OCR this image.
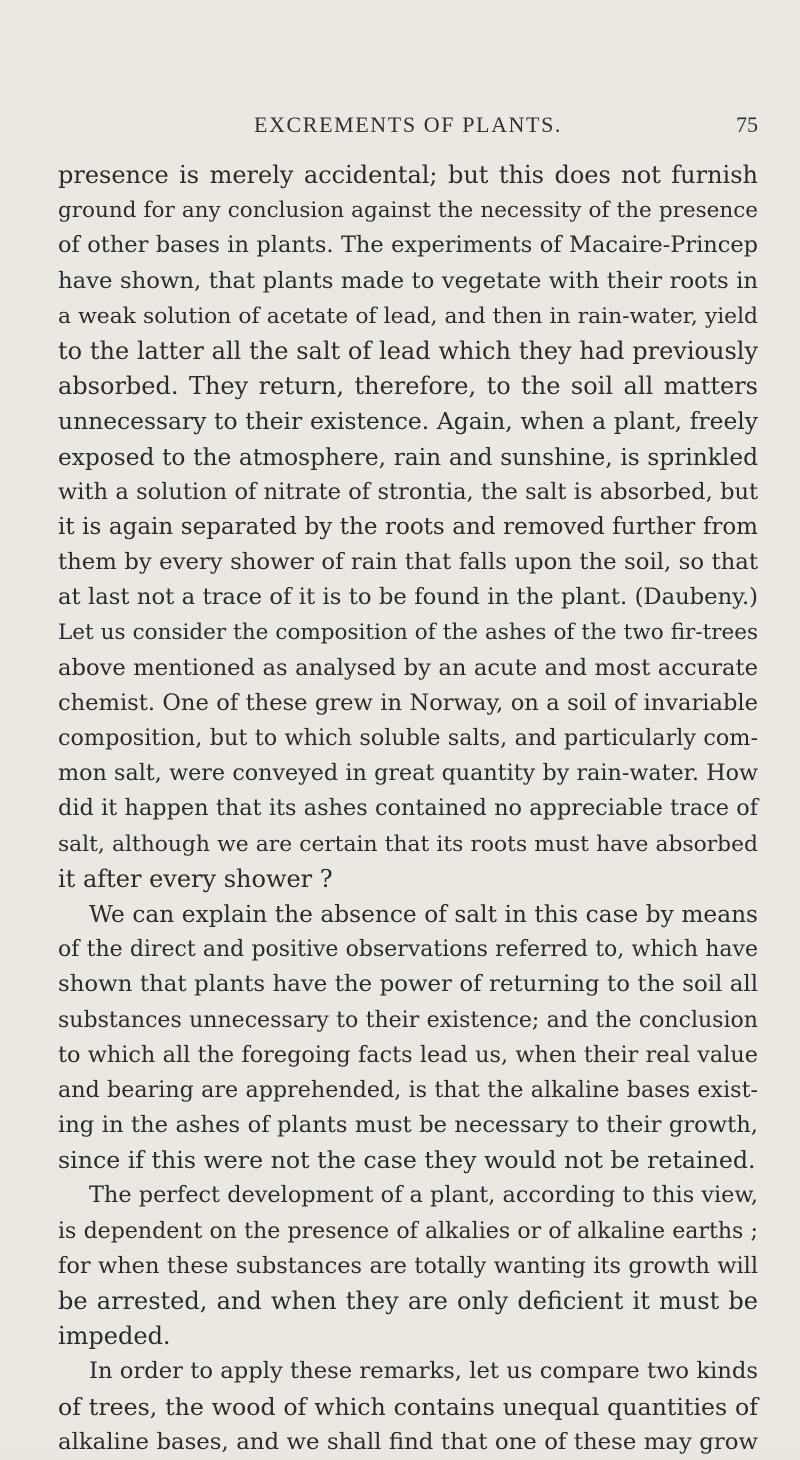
EXCREMENTS OF PLANTS.	75
presence is merely accidental; but this does not furnish
ground for any conclusion against the necessity of the presence
of other bases in plants. The experiments of Macaire-Princep
have shown, that plants made to vegetate with their roots in
a weak solution of acetate of lead, and then in rain-water, yield
to the latter all the salt of lead which they had previously
absorbed. They return, therefore, to the soil all matters
unnecessary to their existence. Again, when a plant, freely
exposed to the atmosphere, rain and sunshine, is sprinkled
with a solution of nitrate of strontia, the salt is absorbed, but
it is again separated by the roots and removed further from
them by every shower of rain that falls upon the soil, so that
at last not a trace of it is to be found in the plant. (Daubeny.)
Let us consider the composition of the ashes of the two fir-trees
above mentioned as analysed by an acute and most accurate
chemist. One of these grew in Norway, on a soil of invariable
composition, but to which soluble salts, and particularly com-
mon salt, were conveyed in great quantity by rain-water. How
did it happen that its ashes contained no appreciable trace of
salt, although we are certain that its roots must have absorbed
it after every shower ?
We can explain the absence of salt in this case by means
of the direct and positive observations referred to, which have
shown that plants have the power of returning to the soil all
substances unnecessary to their existence; and the conclusion
to which all the foregoing facts lead us, when their real value
and bearing are apprehended, is that the alkaline bases exist-
ing in the ashes of plants must be necessary to their growth,
since if this were not the case they would not be retained.
The perfect development of a plant, according to this view,
is dependent on the presence of alkalies or of alkaline earths ;
for when these substances are totally wanting its growth will
be arrested, and when they are only deficient it must be
impeded.
In order to apply these remarks, let us compare two kinds
of trees, the wood of which contains unequal quantities of
alkaline bases, and we shall find that one of these may grow
